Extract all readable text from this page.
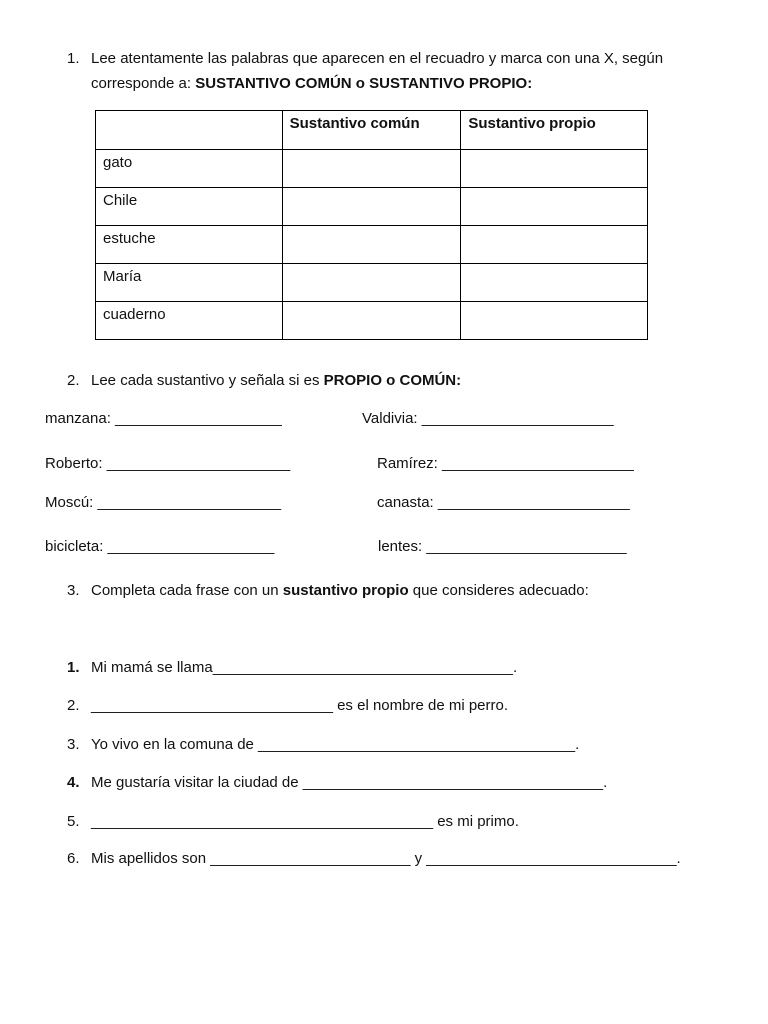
1. Lee atentamente las palabras que aparecen en el recuadro y marca con una X, según
corresponde a: SUSTANTIVO COMÚN o SUSTANTIVO PROPIO:
	Sustantivo común	Sustantivo propio
gato		
Chile		
estuche		
María		
cuaderno		
2. Lee cada sustantivo y señala si es PROPIO o COMÚN:
manzana: ____________________	Valdivia: _______________________
Roberto: ______________________	Ramírez: _______________________
Moscú: ______________________	canasta: _______________________
bicicleta: ____________________	lentes: ________________________
3. Completa cada frase con un sustantivo propio que consideres adecuado:
1. Mi mamá se llama____________________________________.
2. _____________________________ es el nombre de mi perro.
3. Yo vivo en la comuna de ______________________________________.
4. Me gustaría visitar la ciudad de ____________________________________.
5. _________________________________________ es mi primo.
6. Mis apellidos son ________________________ y ______________________________.
